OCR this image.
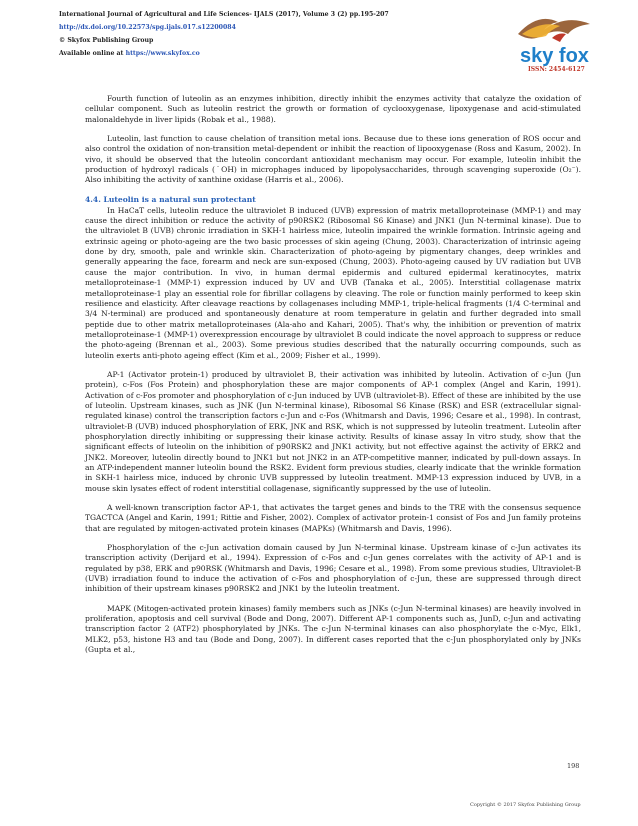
International Journal of Agricultural and Life Sciences- IJALS (2017), Volume 3 (2) pp.195-207
http://dx.doi.org/10.22573/spg.ijals.017.s12200084
© Skyfox Publishing Group
Available online at https://www.skyfox.co	sky fox
ISSN: 2454-6127

Fourth function of luteolin as an enzymes inhibition, directly inhibit the enzymes activity that catalyze the oxidation of cellular component. Such as luteolin restrict the growth or formation of cyclooxygenase, lipoxygenase and acid-stimulated malonaldehyde in liver lipids (Robak et al., 1988).

Luteolin, last function to cause chelation of transition metal ions. Because due to these ions generation of ROS occur and also control the oxidation of non-transition metal-dependent or inhibit the reaction of lipooxygenase (Ross and Kasum, 2002). In vivo, it should be observed that the luteolin concordant antioxidant mechanism may occur. For example, luteolin inhibit the production of hydroxyl radicals (˙OH) in microphages induced by lipopolysaccharides, through scavenging superoxide (O₂⁻). Also inhibiting the activity of xanthine oxidase (Harris et al., 2006).

4.4. Luteolin is a natural sun protectant

In HaCaT cells, luteolin reduce the ultraviolet B induced (UVB) expression of matrix metalloproteinase (MMP-1) and may cause the direct inhibition or reduce the activity of p90RSK2 (Ribosomal S6 Kinase) and JNK1 (Jun N-terminal kinase). Due to the ultraviolet B (UVB) chronic irradiation in SKH-1 hairless mice, luteolin impaired the wrinkle formation. Intrinsic ageing and extrinsic ageing or photo-ageing are the two basic processes of skin ageing (Chung, 2003). Characterization of intrinsic ageing done by dry, smooth, pale and wrinkle skin. Characterization of photo-ageing by pigmentary changes, deep wrinkles and generally appearing the face, forearm and neck are sun-exposed (Chung, 2003). Photo-ageing caused by UV radiation but UVB cause the major contribution. In vivo, in human dermal epidermis and cultured epidermal keratinocytes, matrix metalloproteinase-1 (MMP-1) expression induced by UV and UVB (Tanaka et al., 2005). Interstitial collagenase matrix metalloproteinase-1 play an essential role for fibrillar collagens by cleaving. The role or function mainly performed to keep skin resilience and elasticity. After cleavage reactions by collagenases including MMP-1, triple-helical fragments (1/4 C-terminal and 3/4 N-terminal) are produced and spontaneously denature at room temperature in gelatin and further degraded into small peptide due to other matrix metalloproteinases (Ala-aho and Kahari, 2005). That's why, the inhibition or prevention of matrix metalloproteinase-1 (MMP-1) overexpression encourage by ultraviolet B could indicate the novel approach to suppress or reduce the photo-ageing (Brennan et al., 2003). Some previous studies described that the naturally occurring compounds, such as luteolin exerts anti-photo ageing effect (Kim et al., 2009; Fisher et al., 1999).

AP-1 (Activator protein-1) produced by ultraviolet B, their activation was inhibited by luteolin. Activation of c-Jun (Jun protein), c-Fos (Fos Protein) and phosphorylation these are major components of AP-1 complex (Angel and Karin, 1991). Activation of c-Fos promoter and phosphorylation of c-Jun induced by UVB (ultraviolet-B). Effect of these are inhibited by the use of luteolin. Upstream kinases, such as JNK (Jun N-terminal kinase), Ribosomal S6 Kinase (RSK) and ESR (extracellular signal-regulated kinase) control the transcription factors c-Jun and c-Fos (Whitmarsh and Davis, 1996; Cesare et al., 1998). In contrast, ultraviolet-B (UVB) induced phosphorylation of ERK, JNK and RSK, which is not suppressed by luteolin treatment. Luteolin after phosphorylation directly inhibiting or suppressing their kinase activity. Results of kinase assay In vitro study, show that the significant effects of luteolin on the inhibition of p90RSK2 and JNK1 activity, but not effective against the activity of ERK2 and JNK2. Moreover, luteolin directly bound to JNK1 but not JNK2 in an ATP-competitive manner, indicated by pull-down assays. In an ATP-independent manner luteolin bound the RSK2. Evident form previous studies, clearly indicate that the wrinkle formation in SKH-1 hairless mice, induced by chronic UVB suppressed by luteolin treatment. MMP-13 expression induced by UVB, in a mouse skin lysates effect of rodent interstitial collagenase, significantly suppressed by the use of luteolin.

A well-known transcription factor AP-1, that activates the target genes and binds to the TRE with the consensus sequence TGACTCA (Angel and Karin, 1991; Rittie and Fisher, 2002). Complex of activator protein-1 consist of Fos and Jun family proteins that are regulated by mitogen-activated protein kinases (MAPKs) (Whitmarsh and Davis, 1996).

Phosphorylation of the c-Jun activation domain caused by Jun N-terminal kinase. Upstream kinase of c-Jun activates its transcription activity (Derijard et al., 1994). Expression of c-Fos and c-Jun genes correlates with the activity of AP-1 and is regulated by p38, ERK and p90RSK (Whitmarsh and Davis, 1996; Cesare et al., 1998). From some previous studies, Ultraviolet-B (UVB) irradiation found to induce the activation of c-Fos and phosphorylation of c-Jun, these are suppressed through direct inhibition of their upstream kinases p90RSK2 and JNK1 by the luteolin treatment.

MAPK (Mitogen-activated protein kinases) family members such as JNKs (c-Jun N-terminal kinases) are heavily involved in proliferation, apoptosis and cell survival (Bode and Dong, 2007). Different AP-1 components such as, JunD, c-Jun and activating transcription factor 2 (ATF2) phosphorylated by JNKs. The c-Jun N-terminal kinases can also phosphorylate the c-Myc, Elk1, MLK2, p53, histone H3 and tau (Bode and Dong, 2007). In different cases reported that the c-Jun phosphorylated only by JNKs (Gupta et al.,

198
Copyright © 2017 Skyfox Publishing Group
